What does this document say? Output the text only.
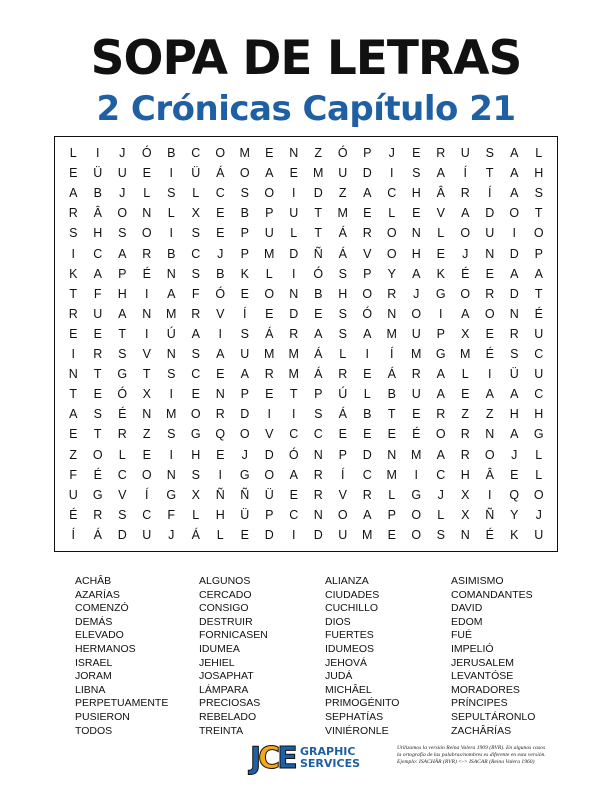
SOPA DE LETRAS
2 Crónicas Capítulo 21
L	I	J	Ó	B	C	O	M	E	N	Z	Ó	P	J	E	R	U	S	A	L
E	Ü	U	E	I	Ü	Á	O	A	E	M	U	D	I	S	A	Í	T	A	H
A	B	J	L	S	L	C	S	O	I	D	Z	A	C	H	Â	R	Í	A	S
R	Â	O	N	L	X	E	B	P	U	T	M	E	L	E	V	A	D	O	T
S	H	S	O	I	S	E	P	U	L	T	Á	R	O	N	L	O	U	I	O
I	C	A	R	B	C	J	P	M	D	Ñ	Á	V	O	H	E	J	N	D	P
K	A	P	É	N	S	B	K	L	I	Ó	S	P	Y	A	K	É	E	A	A
T	F	H	I	A	F	Ó	E	O	N	B	H	O	R	J	G	O	R	D	T
R	U	A	N	M	R	V	Í	E	D	E	S	Ó	N	O	I	A	O	N	É
E	E	T	I	Ú	A	I	S	Á	R	A	S	A	M	U	P	X	E	R	U
I	R	S	V	N	S	A	U	M	M	Á	L	I	Í	M	G	M	É	S	C
N	T	G	T	S	C	E	A	R	M	Á	R	E	Á	R	A	L	I	Ü	U
T	E	Ó	X	I	E	N	P	E	T	P	Ú	L	B	U	A	E	A	A	C
A	S	É	N	M	O	R	D	I	I	S	Á	B	T	E	R	Z	Z	H	H
E	T	R	Z	S	G	Q	O	V	C	C	E	E	E	É	O	R	N	A	G
Z	O	L	E	I	H	E	J	D	Ó	N	P	D	N	M	A	R	O	J	L
F	É	C	O	N	S	I	G	O	A	R	Í	C	M	I	C	H	Â	E	L
U	G	V	Í	G	X	Ñ	Ñ	Ü	E	R	V	R	L	G	J	X	I	Q	O
É	R	S	C	F	L	H	Ü	P	C	N	O	A	P	O	L	X	Ñ	Y	J
Í	Á	D	U	J	Á	L	E	D	I	D	U	M	E	O	S	N	É	K	U
ACHÂB
AZARÍAS
COMENZÓ
DEMÁS
ELEVADO
HERMANOS
ISRAEL
JORAM
LIBNA
PERPETUAMENTE
PUSIERON
TODOS
ALGUNOS
CERCADO
CONSIGO
DESTRUIR
FORNICASEN
IDUMEA
JEHIEL
JOSAPHAT
LÁMPARA
PRECIOSAS
REBELADO
TREINTA
ALIANZA
CIUDADES
CUCHILLO
DIOS
FUERTES
IDUMEOS
JEHOVÁ
JUDÁ
MICHÂEL
PRIMOGÉNITO
SEPHATÍAS
VINIÉRONLE
ASIMISMO
COMANDANTES
DAVID
EDOM
FUÉ
IMPELIÓ
JERUSALEM
LEVANTÓSE
MORADORES
PRÍNCIPES
SEPULTÁRONLO
ZACHÂRÍAS
JCE GRAPHIC
SERVICES
Utilizamos la versión Reina Valera 1909 (RVR). En algunos casos
la ortografía de las palabras/nombres es diferente en esta versión.
Ejemplo: ISACHÂR (RVR) <-> ISACAR (Reina Valera 1960)
